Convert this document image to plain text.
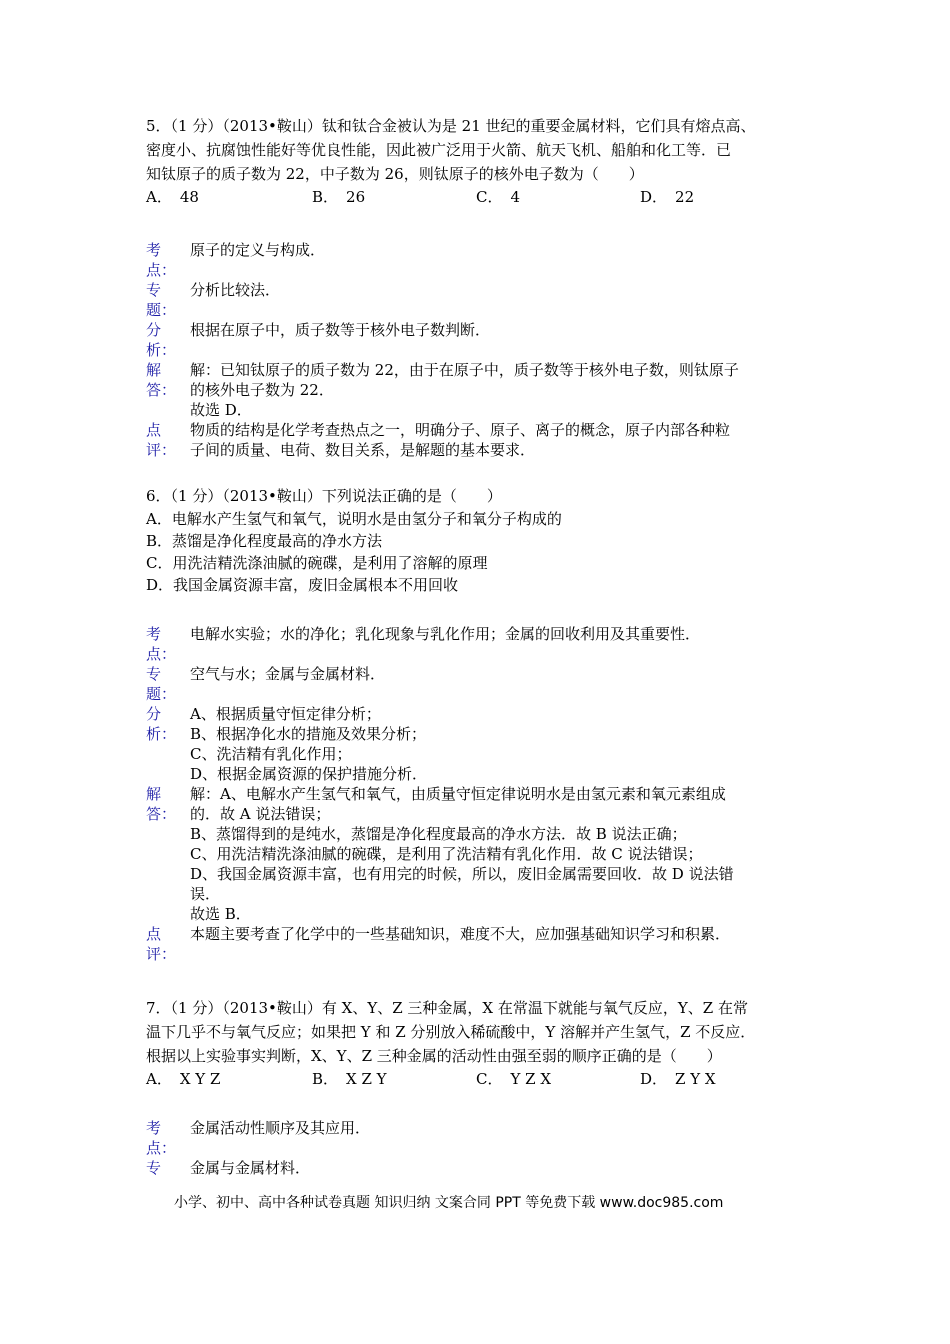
5．（1 分）（2013•鞍山）钛和钛合金被认为是 21 世纪的重要金属材料，它们具有熔点高、
密度小、抗腐蚀性能好等优良性能，因此被广泛用于火箭、航天飞机、船舶和化工等．已
知钛原子的质子数为 22，中子数为 26，则钛原子的核外电子数为（　　）
A． 48	B． 26	C． 4	D． 22
考
点：
原子的定义与构成．
专
题：
分析比较法．
分
析：
根据在原子中，质子数等于核外电子数判断．
解
答：
解：已知钛原子的质子数为 22，由于在原子中，质子数等于核外电子数，则钛原子
的核外电子数为 22．
故选 D．
点
评：
物质的结构是化学考查热点之一，明确分子、原子、离子的概念，原子内部各种粒
子间的质量、电荷、数目关系，是解题的基本要求．
6．（1 分）（2013•鞍山）下列说法正确的是（　　）
A．电解水产生氢气和氧气，说明水是由氢分子和氧分子构成的
B．蒸馏是净化程度最高的净水方法
C．用洗洁精洗涤油腻的碗碟，是利用了溶解的原理
D．我国金属资源丰富，废旧金属根本不用回收
考
点：
电解水实验；水的净化；乳化现象与乳化作用；金属的回收利用及其重要性．
专
题：
空气与水；金属与金属材料．
分
析：
A、根据质量守恒定律分析；
B、根据净化水的措施及效果分析；
C、洗洁精有乳化作用；
D、根据金属资源的保护措施分析．
解
答：
解：A、电解水产生氢气和氧气，由质量守恒定律说明水是由氢元素和氧元素组成
的．故 A 说法错误；
B、蒸馏得到的是纯水，蒸馏是净化程度最高的净水方法．故 B 说法正确；
C、用洗洁精洗涤油腻的碗碟，是利用了洗洁精有乳化作用．故 C 说法错误；
D、我国金属资源丰富，也有用完的时候，所以，废旧金属需要回收．故 D 说法错
误．
故选 B．
点
评：
本题主要考查了化学中的一些基础知识，难度不大，应加强基础知识学习和积累．
7．（1 分）（2013•鞍山）有 X、Y、Z 三种金属，X 在常温下就能与氧气反应，Y、Z 在常
温下几乎不与氧气反应；如果把 Y 和 Z 分别放入稀硫酸中，Y 溶解并产生氢气，Z 不反应．
根据以上实验事实判断，X、Y、Z 三种金属的活动性由强至弱的顺序正确的是（　　）
A． X Y Z	B． X Z Y	C． Y Z X	D． Z Y X
考
点：
金属活动性顺序及其应用．
专	金属与金属材料．
小学、初中、高中各种试卷真题 知识归纳 文案合同 PPT 等免费下载 www.doc985.com
